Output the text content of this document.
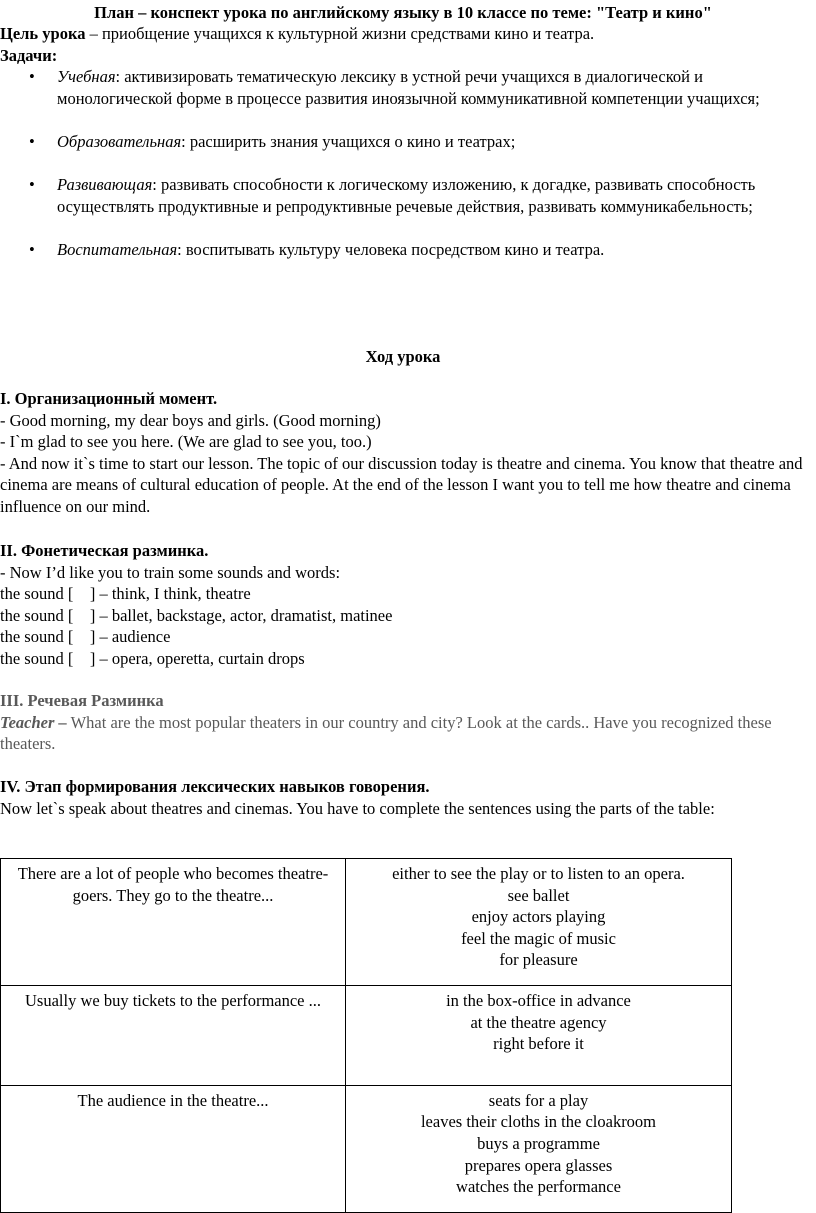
План – конспект урока по английскому языку в 10 классе по теме: "Театр и кино"
Цель урока – приобщение учащихся к культурной жизни средствами кино и театра.
Задачи:
• Учебная: активизировать тематическую лексику в устной речи учащихся в диалогической и монологической форме в процессе развития иноязычной коммуникативной компетенции учащихся;
• Образовательная: расширить знания учащихся о кино и театрах;
• Развивающая: развивать способности к логическому изложению, к догадке, развивать способность осуществлять продуктивные и репродуктивные речевые действия, развивать коммуникабельность;
• Воспитательная: воспитывать культуру человека посредством кино и театра.
Ход урока
I. Организационный момент.
- Good morning, my dear boys and girls. (Good morning)
- I`m glad to see you here. (We are glad to see you, too.)
- And now it`s time to start our lesson. The topic of our discussion today is theatre and cinema. You know that theatre and cinema are means of cultural education of people. At the end of the lesson I want you to tell me how theatre and cinema influence on our mind.
II. Фонетическая разминка.
- Now I’d like you to train some sounds and words:
the sound [    ] – think, I think, theatre
the sound [    ] – ballet, backstage, actor, dramatist, matinee
the sound [    ] – audience
the sound [    ] – opera, operetta, curtain drops
III. Речевая Разминка
Teacher – What are the most popular theaters in our country and city? Look at the cards.. Have you recognized these theaters.
IV. Этап формирования лексических навыков говорения.
Now let`s speak about theatres and cinemas. You have to complete the sentences using the parts of the table:
There are a lot of people who becomes theatre-goers. They go to the theatre...	either to see the play or to listen to an opera.
see ballet
enjoy actors playing
feel the magic of music
for pleasure

Usually we buy tickets to the performance ...	in the box-office in advance
at the theatre agency
right before it

The audience in the theatre...	seats for a play
leaves their cloths in the cloakroom
buys a programme
prepares opera glasses
watches the performance
